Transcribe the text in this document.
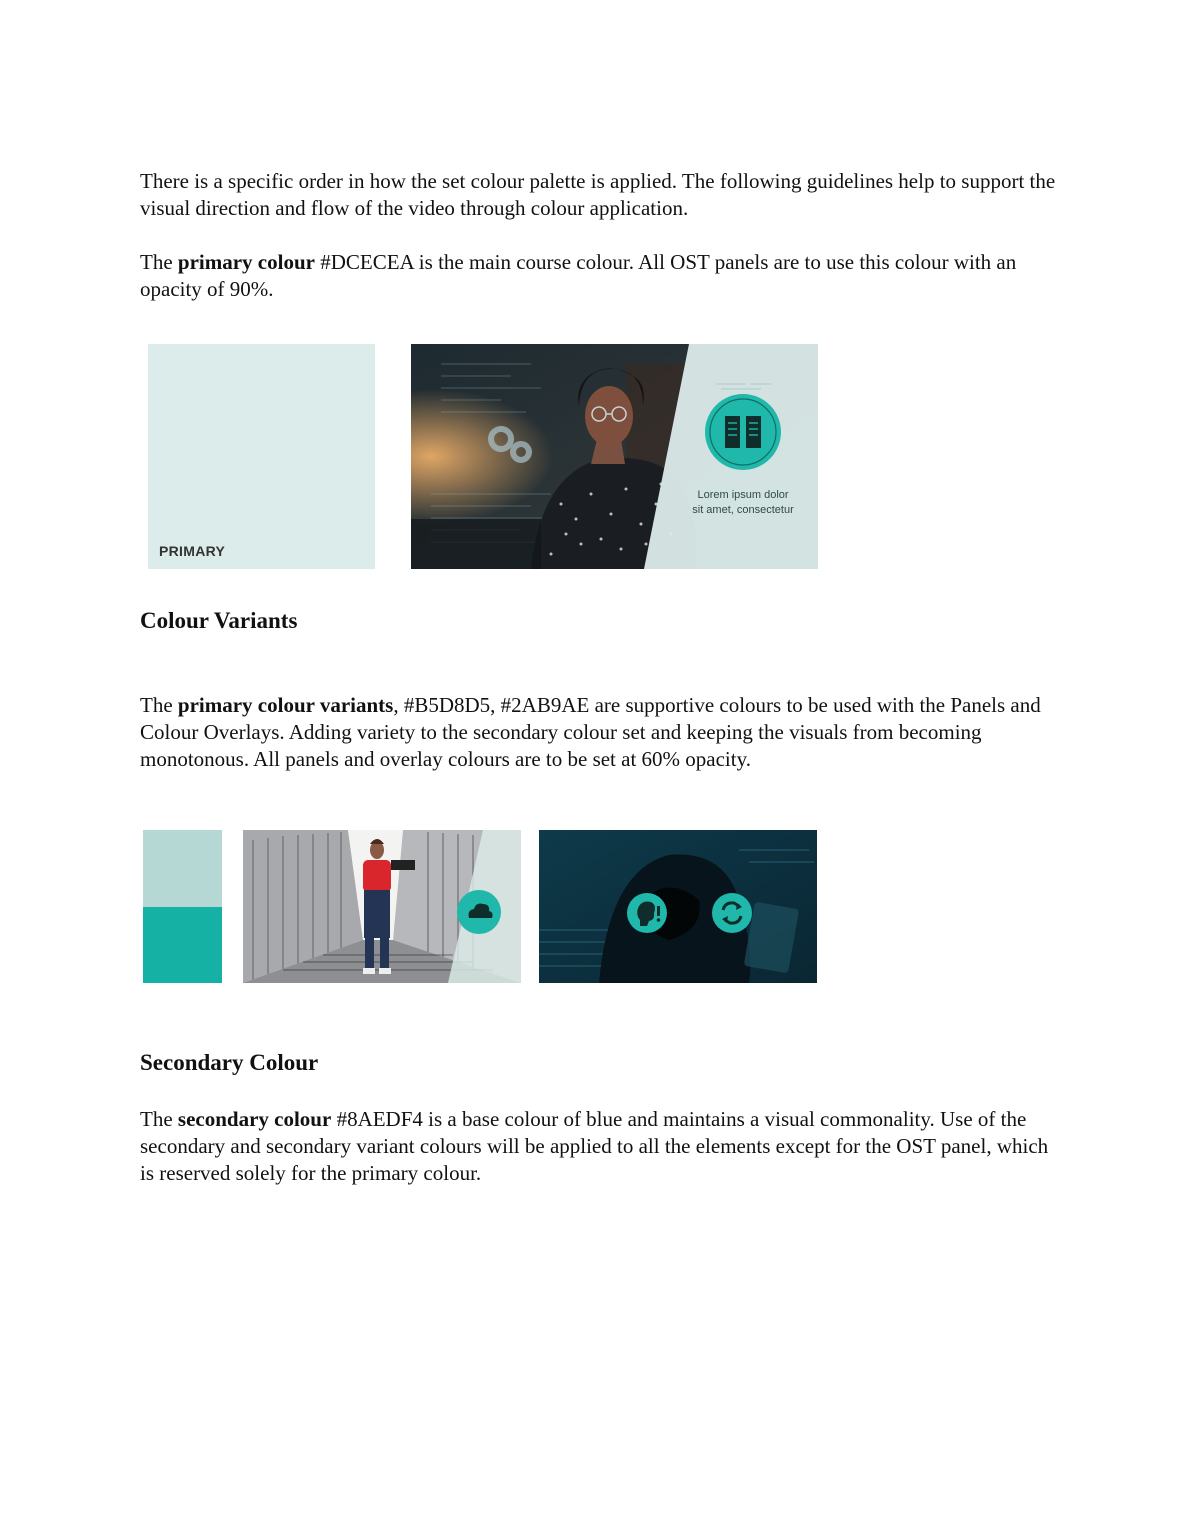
There is a specific order in how the set colour palette is applied. The following guidelines help to support the visual direction and flow of the video through colour application.

The primary colour #DCECEA is the main course colour. All OST panels are to use this colour with an opacity of 90%.

PRIMARY
Lorem ipsum dolor
sit amet, consectetur
Colour Variants

The primary colour variants, #B5D8D5, #2AB9AE are supportive colours to be used with the Panels and Colour Overlays. Adding variety to the secondary colour set and keeping the visuals from becoming monotonous. All panels and overlay colours are to be set at 60% opacity.

Secondary Colour

The secondary colour #8AEDF4 is a base colour of blue and maintains a visual commonality. Use of the secondary and secondary variant colours will be applied to all the elements except for the OST panel, which is reserved solely for the primary colour.
